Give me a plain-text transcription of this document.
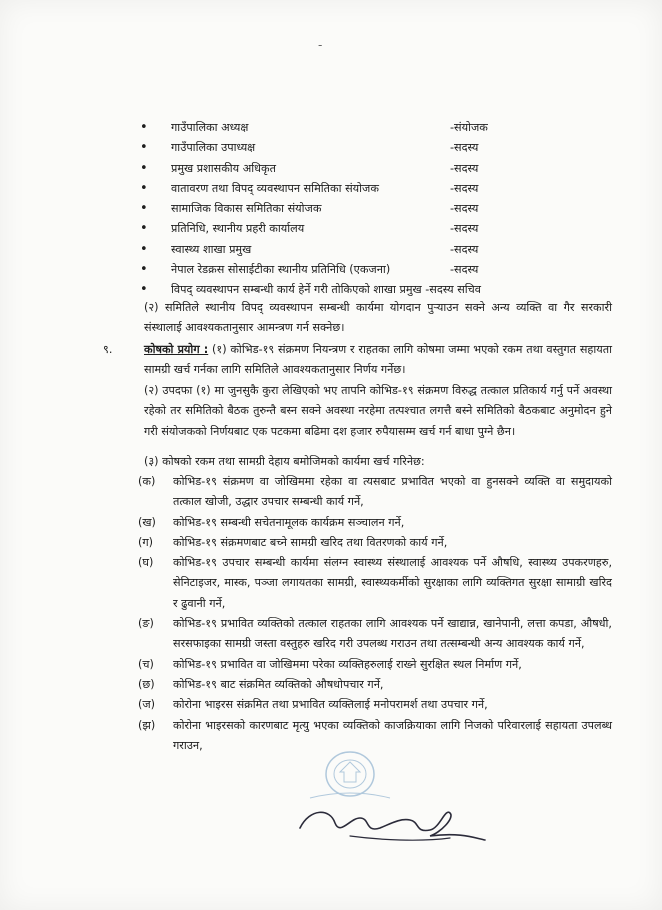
-
• गाउँपालिका अध्यक्ष	-संयोजक
• गाउँपालिका उपाध्यक्ष	-सदस्य
• प्रमुख प्रशासकीय अधिकृत	-सदस्य
• वातावरण तथा विपद् व्यवस्थापन समितिका संयोजक	-सदस्य
• सामाजिक विकास समितिका संयोजक	-सदस्य
• प्रतिनिधि, स्थानीय प्रहरी कार्यालय	-सदस्य
• स्वास्थ्य शाखा प्रमुख	-सदस्य
• नेपाल रेडक्रस सोसाईटीका स्थानीय प्रतिनिधि (एकजना)	-सदस्य
• विपद् व्यवस्थापन सम्बन्धी कार्य हेर्ने गरी तोकिएको शाखा प्रमुख -सदस्य सचिव
(२) समितिले स्थानीय विपद् व्यवस्थापन सम्बन्धी कार्यमा योगदान पुऱ्याउन सक्ने अन्य व्यक्ति वा गैर सरकारी संस्थालाई आवश्यकतानुसार आमन्त्रण गर्न सक्नेछ।
९.	कोषको प्रयोग : (१) कोभिड-१९ संक्रमण नियन्त्रण र राहतका लागि कोषमा जम्मा भएको रकम तथा वस्तुगत सहायता सामग्री खर्च गर्नका लागि समितिले आवश्यकतानुसार निर्णय गर्नेछ।
(२) उपदफा (१) मा जुनसुकै कुरा लेखिएको भए तापनि कोभिड-१९ संक्रमण विरुद्ध तत्काल प्रतिकार्य गर्नु पर्ने अवस्था रहेको तर समितिको बैठक तुरुन्तै बस्न सक्ने अवस्था नरहेमा तत्पश्चात लगत्तै बस्ने समितिको बैठकबाट अनुमोदन हुने गरी संयोजकको निर्णयबाट एक पटकमा बढिमा दश हजार रुपैयासम्म खर्च गर्न बाधा पुग्ने छैन।
(३) कोषको रकम तथा सामग्री देहाय बमोजिमको कार्यमा खर्च गरिनेछ:
(क)	कोभिड-१९ संक्रमण वा जोखिममा रहेका वा त्यसबाट प्रभावित भएको वा हुनसक्ने व्यक्ति वा समुदायको तत्काल खोजी, उद्धार उपचार सम्बन्धी कार्य गर्ने,
(ख)	कोभिड-१९ सम्बन्धी सचेतनामूलक कार्यक्रम सञ्चालन गर्ने,
(ग)	कोभिड-१९ संक्रमणबाट बच्ने सामग्री खरिद तथा वितरणको कार्य गर्ने,
(घ)	कोभिड-१९ उपचार सम्बन्धी कार्यमा संलग्न स्वास्थ्य संस्थालाई आवश्यक पर्ने औषधि, स्वास्थ्य उपकरणहरु, सेनिटाइजर, मास्क, पञ्जा लगायतका सामग्री, स्वास्थ्यकर्मीको सुरक्षाका लागि व्यक्तिगत सुरक्षा सामाग्री खरिद र ढुवानी गर्ने,
(ङ)	कोभिड-१९ प्रभावित व्यक्तिको तत्काल राहतका लागि आवश्यक पर्ने खाद्यान्न, खानेपानी, लत्ता कपडा, औषधी, सरसफाइका सामग्री जस्ता वस्तुहरु खरिद गरी उपलब्ध गराउन तथा तत्सम्बन्धी अन्य आवश्यक कार्य गर्ने,
(च)	कोभिड-१९ प्रभावित वा जोखिममा परेका व्यक्तिहरुलाई राख्ने सुरक्षित स्थल निर्माण गर्ने,
(छ)	कोभिड-१९ बाट संक्रमित व्यक्तिको औषधोपचार गर्ने,
(ज)	कोरोना भाइरस संक्रमित तथा प्रभावित व्यक्तिलाई मनोपरामर्श तथा उपचार गर्ने,
(झ)	कोरोना भाइरसको कारणबाट मृत्यु भएका व्यक्तिको काजक्रियाका लागि निजको परिवारलाई सहायता उपलब्ध गराउन,
